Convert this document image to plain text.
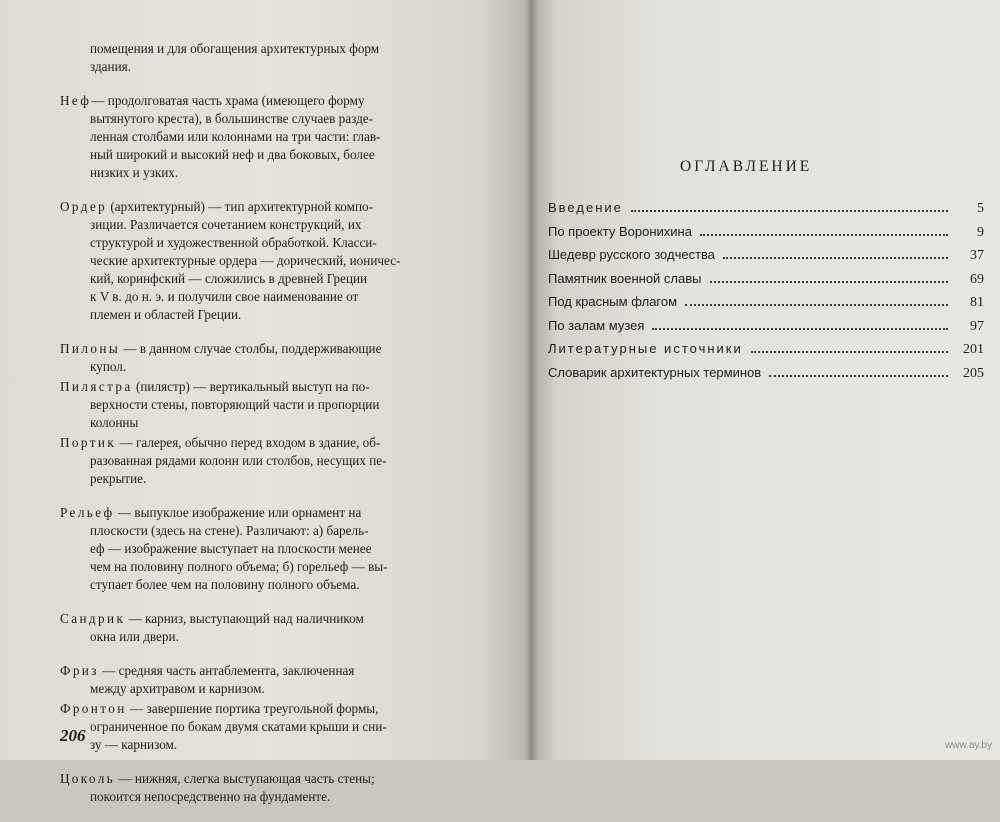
помещения и для обогащения архитектурных форм
здания.
Неф— продолговатая часть храма (имеющего форму
вытянутого креста), в большинстве случаев разде-
ленная столбами или колоннами на три части: глав-
ный широкий и высокий неф и два боковых, более
низких и узких.
Ордер (архитектурный) — тип архитектурной компо-
зиции. Различается сочетанием конструкций, их
структурой и художественной обработкой. Класси-
ческие архитектурные ордера — дорический, ионичес-
кий, коринфский — сложились в древней Греции
к V в. до н. э. и получили свое наименование от
племен и областей Греции.
Пилоны — в данном случае столбы, поддерживающие
купол.
Пилястра (пилястр) — вертикальный выступ на по-
верхности стены, повторяющий части и пропорции
колонны
Портик — галерея, обычно перед входом в здание, об-
разованная рядами колонн или столбов, несущих пе-
рекрытие.
Рельеф — выпуклое изображение или орнамент на
плоскости (здесь на стене). Различают: а) барель-
еф — изображение выступает на плоскости менее
чем на половину полного объема; б) горельеф — вы-
ступает более чем на половину полного объема.
Сандрик — карниз, выступающий над наличником
окна или двери.
Фриз — средняя часть антаблемента, заключенная
между архитравом и карнизом.
Фронтон — завершение портика треугольной формы,
ограниченное по бокам двумя скатами крыши и сни-
зу — карнизом.
Цоколь — нижняя, слегка выступающая часть стены;
покоится непосредственно на фундаменте.
206
ОГЛАВЛЕНИЕ
Введение	5
По проекту Воронихина	9
Шедевр русского зодчества	37
Памятник военной славы	69
Под красным флагом	81
По залам музея	97
Литературные источники	201
Словарик архитектурных терминов	205
www.ay.by
